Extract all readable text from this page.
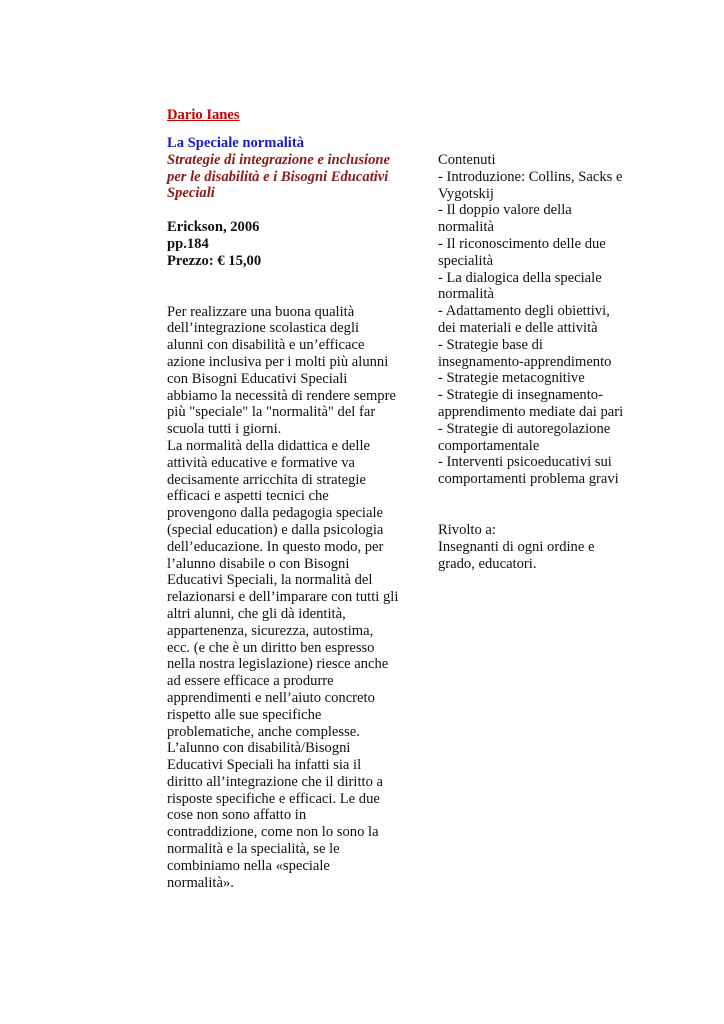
Dario Ianes
La Speciale normalità
Strategie di integrazione e inclusione per le disabilità e i Bisogni Educativi Speciali
Erickson, 2006
pp.184
Prezzo: € 15,00

Per realizzare una buona qualità dell’integrazione scolastica degli alunni con disabilità e un’efficace azione inclusiva per i molti più alunni con Bisogni Educativi Speciali abbiamo la necessità di rendere sempre più "speciale" la "normalità" del far scuola tutti i giorni.

La normalità della didattica e delle attività educative e formative va decisamente arricchita di strategie efficaci e aspetti tecnici che provengono dalla pedagogia speciale (special education) e dalla psicologia dell’educazione. In questo modo, per l’alunno disabile o con Bisogni Educativi Speciali, la normalità del relazionarsi e dell’imparare con tutti gli altri alunni, che gli dà identità, appartenenza, sicurezza, autostima, ecc. (e che è un diritto ben espresso nella nostra legislazione) riesce anche ad essere efficace a produrre apprendimenti e nell’aiuto concreto rispetto alle sue specifiche problematiche, anche complesse.

L’alunno con disabilità/Bisogni Educativi Speciali ha infatti sia il diritto all’integrazione che il diritto a risposte specifiche e efficaci. Le due cose non sono affatto in contraddizione, come non lo sono la normalità e la specialità, se le combiniamo nella «speciale normalità».

Contenuti
- Introduzione: Collins, Sacks e Vygotskij
- Il doppio valore della normalità
- Il riconoscimento delle due specialità
- La dialogica della speciale normalità
- Adattamento degli obiettivi, dei materiali e delle attività
- Strategie base di insegnamento-apprendimento
- Strategie metacognitive
- Strategie di insegnamento-apprendimento mediate dai pari
- Strategie di autoregolazione comportamentale
- Interventi psicoeducativi sui comportamenti problema gravi
Rivolto a:
Insegnanti di ogni ordine e grado, educatori.
